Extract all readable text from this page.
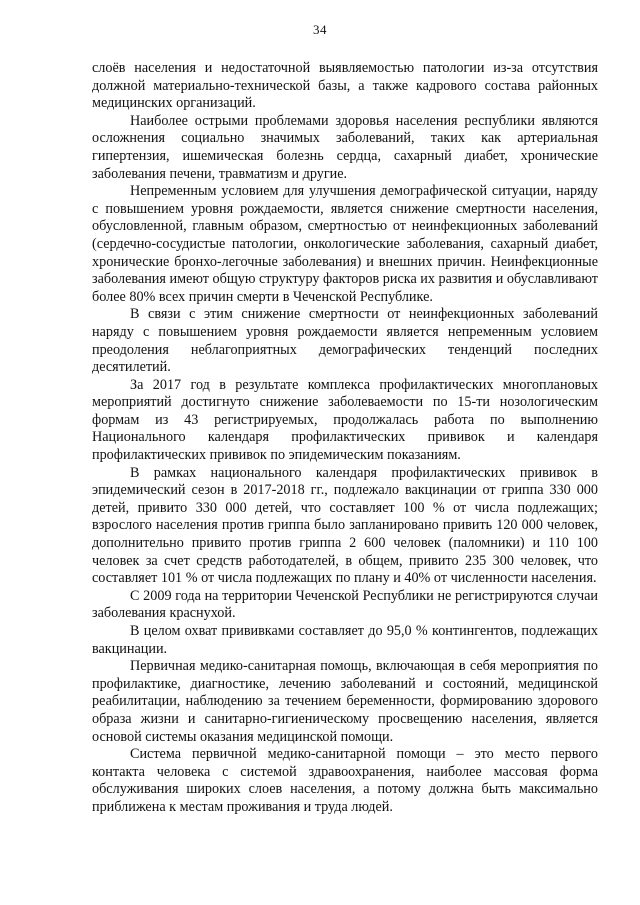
34

слоёв населения и недостаточной выявляемостью патологии из-за отсутствия должной материально-технической базы, а также кадрового состава районных медицинских организаций.

Наиболее острыми проблемами здоровья населения республики являются осложнения социально значимых заболеваний, таких как артериальная гипертензия, ишемическая болезнь сердца, сахарный диабет, хронические заболевания печени, травматизм и другие.

Непременным условием для улучшения демографической ситуации, наряду с повышением уровня рождаемости, является снижение смертности населения, обусловленной, главным образом, смертностью от неинфекционных заболеваний (сердечно-сосудистые патологии, онкологические заболевания, сахарный диабет, хронические бронхо-легочные заболевания) и внешних причин. Неинфекционные заболевания имеют общую структуру факторов риска их развития и обуславливают более 80% всех причин смерти в Чеченской Республике.

В связи с этим снижение смертности от неинфекционных заболеваний наряду с повышением уровня рождаемости является непременным условием преодоления неблагоприятных демографических тенденций последних десятилетий.

За 2017 год в результате комплекса профилактических многоплановых мероприятий достигнуто снижение заболеваемости по 15-ти нозологическим формам из 43 регистрируемых, продолжалась работа по выполнению Национального календаря профилактических прививок и календаря профилактических прививок по эпидемическим показаниям.

В рамках национального календаря профилактических прививок в эпидемический сезон в 2017-2018 гг., подлежало вакцинации от гриппа 330 000 детей, привито 330 000 детей, что составляет 100 % от числа подлежащих; взрослого населения против гриппа было запланировано привить 120 000 человек, дополнительно привито против гриппа 2 600 человек (паломники) и 110 100 человек за счет средств работодателей, в общем, привито 235 300 человек, что составляет 101 % от числа подлежащих по плану и 40% от численности населения.

С 2009 года на территории Чеченской Республики не регистрируются случаи заболевания краснухой.

В целом охват прививками составляет до 95,0 % контингентов, подлежащих вакцинации.

Первичная медико-санитарная помощь, включающая в себя мероприятия по профилактике, диагностике, лечению заболеваний и состояний, медицинской реабилитации, наблюдению за течением беременности, формированию здорового образа жизни и санитарно-гигиеническому просвещению населения, является основой системы оказания медицинской помощи.

Система первичной медико-санитарной помощи – это место первого контакта человека с системой здравоохранения, наиболее массовая форма обслуживания широких слоев населения, а потому должна быть максимально приближена к местам проживания и труда людей.
